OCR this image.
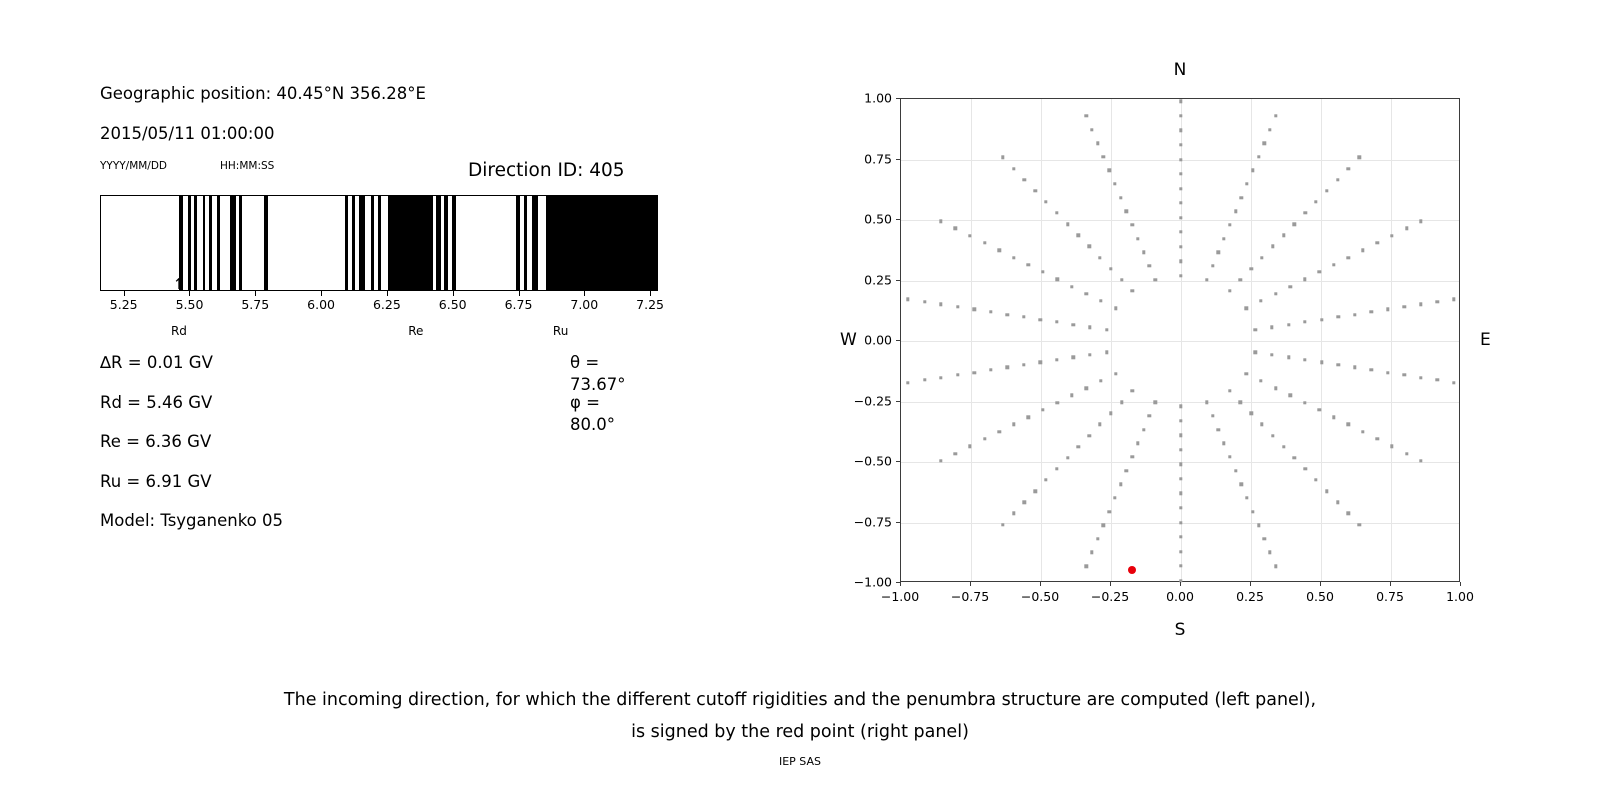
Geographic position: 40.45°N 356.28°E
2015/05/11 01:00:00
YYYY/MM/DD	HH:MM:SS	Direction ID: 405
5.25	5.50	5.75	6.00	6.25	6.50	6.75	7.00	7.25
↑
Rd
↑
Re
↑
Ru
∆R = 0.01 GV	θ = 73.67°
Rd = 5.46 GV	φ = 80.0°
Re = 6.36 GV
Ru = 6.91 GV
Model: Tsyganenko 05
N
S
W	E
−1.00	−0.75	−0.50	−0.25	0.00	0.25	0.50	0.75	1.00
−1.00
−0.75
−0.50
−0.25
0.00
0.25
0.50
0.75
1.00
The incoming direction, for which the different cutoff rigidities and the penumbra structure are computed (left panel),
is signed by the red point (right panel)
IEP SAS
